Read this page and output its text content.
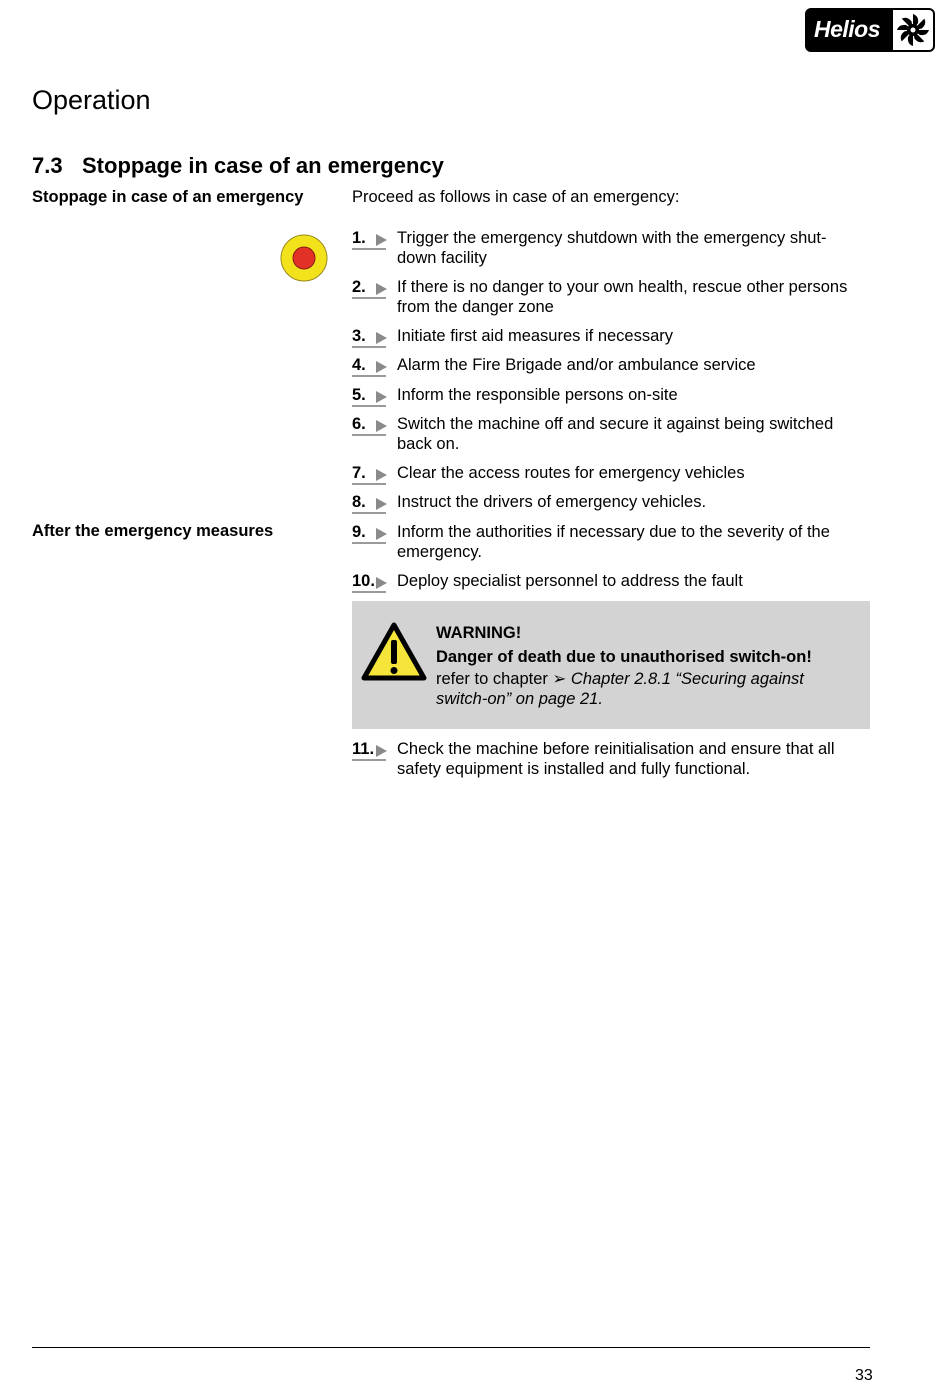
Helios
Operation
7.3 Stoppage in case of an emergency
Stoppage in case of an emergency	Proceed as follows in case of an emergency:
After the emergency measures
1.	Trigger the emergency shutdown with the emergency shut-
down facility
2.	If there is no danger to your own health, rescue other persons
from the danger zone
3.	Initiate first aid measures if necessary
4.	Alarm the Fire Brigade and/or ambulance service
5.	Inform the responsible persons on-site
6.	Switch the machine off and secure it against being switched
back on.
7.	Clear the access routes for emergency vehicles
8.	Instruct the drivers of emergency vehicles.
9.	Inform the authorities if necessary due to the severity of the
emergency.
10.	Deploy specialist personnel to address the fault
WARNING!
Danger of death due to unauthorised switch-on!
refer to chapter ➢ Chapter 2.8.1 “Securing against
switch-on” on page 21.
11.	Check the machine before reinitialisation and ensure that all
safety equipment is installed and fully functional.
33
